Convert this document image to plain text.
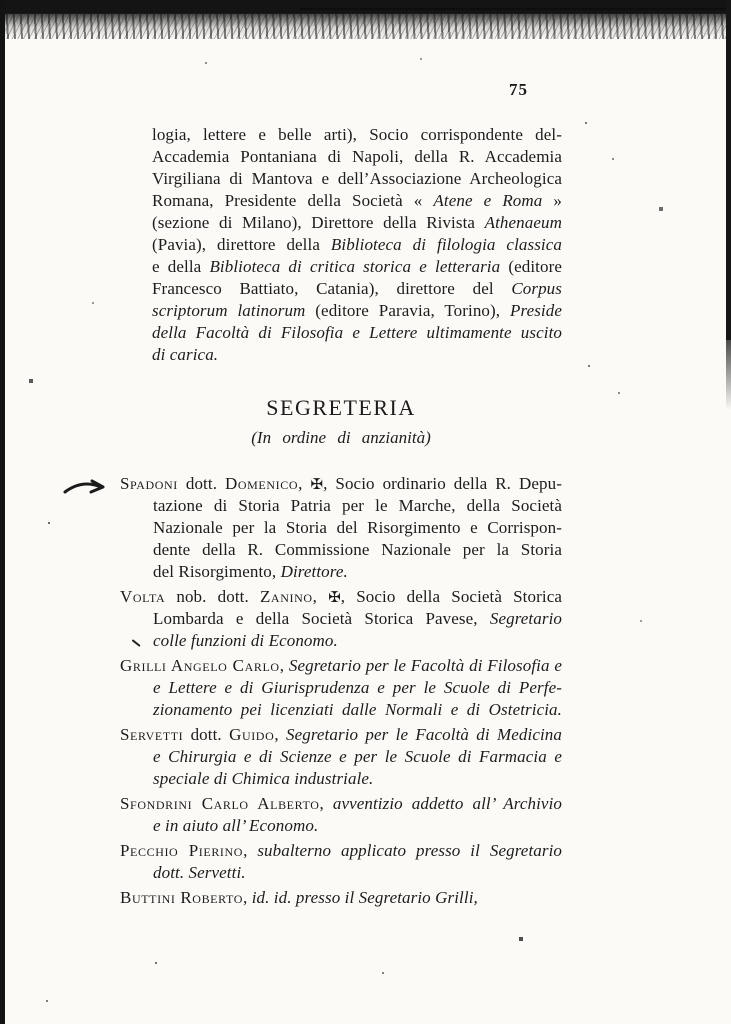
75
logia, lettere e belle arti), Socio corrispondente del-
Accademia Pontaniana di Napoli, della R. Accademia
Virgiliana di Mantova e dell’Associazione Archeologica
Romana, Presidente della Società « Atene e Roma »
(sezione di Milano), Direttore della Rivista Athenaeum
(Pavia), direttore della Biblioteca di filologia classica
e della Biblioteca di critica storica e letteraria (editore
Francesco Battiato, Catania), direttore del Corpus
scriptorum latinorum (editore Paravia, Torino), Preside
della Facoltà di Filosofia e Lettere ultimamente uscito
di carica.
SEGRETERIA
(In ordine di anzianità)
Spadoni dott. Domenico, ✠, Socio ordinario della R. Depu-
tazione di Storia Patria per le Marche, della Società
Nazionale per la Storia del Risorgimento e Corrispon-
dente della R. Commissione Nazionale per la Storia
del Risorgimento, Direttore.
Volta nob. dott. Zanino, ✠, Socio della Società Storica
Lombarda e della Società Storica Pavese, Segretario
colle funzioni di Economo.
Grilli Angelo Carlo, Segretario per le Facoltà di Filosofia e
e Lettere e di Giurisprudenza e per le Scuole di Perfe-
zionamento pei licenziati dalle Normali e di Ostetricia.
Servetti dott. Guido, Segretario per le Facoltà di Medicina
e Chirurgia e di Scienze e per le Scuole di Farmacia e
speciale di Chimica industriale.
Sfondrini Carlo Alberto, avventizio addetto all’ Archivio
e in aiuto all’ Economo.
Pecchio Pierino, subalterno applicato presso il Segretario
dott. Servetti.
Buttini Roberto, id. id. presso il Segretario Grilli,
